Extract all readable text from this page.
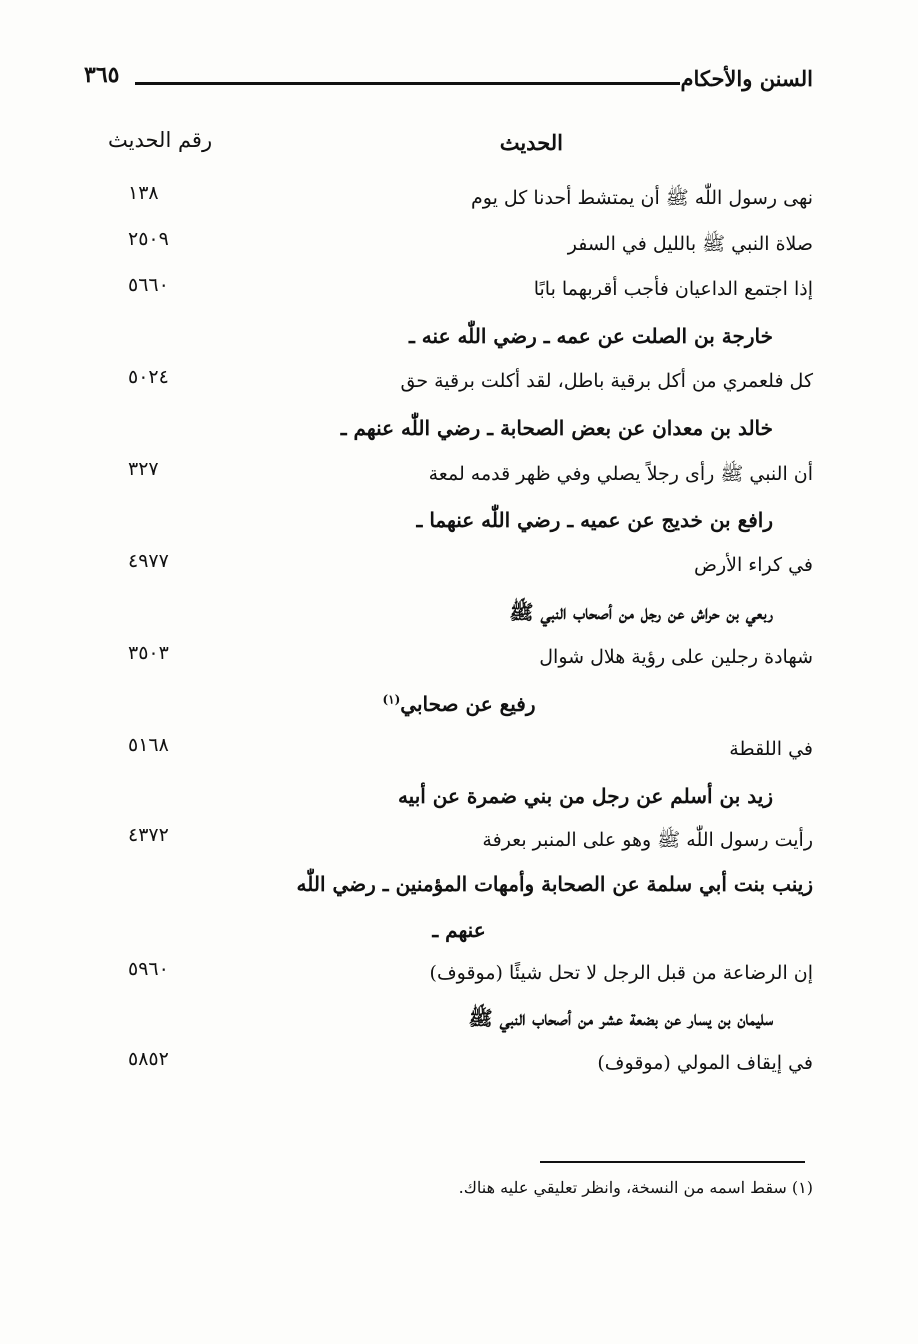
السنن والأحكام
٣٦٥
الحديث
رقم الحديث
نهى رسول اللّٰه ﷺ أن يمتشط أحدنا كل يوم
١٣٨
صلاة النبي ﷺ بالليل في السفر
٢٥٠٩
إذا اجتمع الداعيان فأجب أقربهما بابًا
٥٦٦٠
خارجة بن الصلت عن عمه ـ رضي اللّٰه عنه ـ
كل فلعمري من أكل برقية باطل، لقد أكلت برقية حق
٥٠٢٤
خالد بن معدان عن بعض الصحابة ـ رضي اللّٰه عنهم ـ
أن النبي ﷺ رأى رجلاً يصلي وفي ظهر قدمه لمعة
٣٢٧
رافع بن خديج عن عميه ـ رضي اللّٰه عنهما ـ
في كراء الأرض
٤٩٧٧
ربعي بن حراش عن رجل من أصحاب النبي ﷺ
شهادة رجلين على رؤية هلال شوال
٣٥٠٣
رفيع عن صحابي$^{(١)}$
في اللقطة
٥١٦٨
زيد بن أسلم عن رجل من بني ضمرة عن أبيه
رأيت رسول اللّٰه ﷺ وهو على المنبر بعرفة
٤٣٧٢
زينب بنت أبي سلمة عن الصحابة وأمهات المؤمنين ـ رضي اللّٰه
عنهم ـ
إن الرضاعة من قبل الرجل لا تحل شيئًا (موقوف)
٥٩٦٠
سليمان بن يسار عن بضعة عشر من أصحاب النبي ﷺ
في إيقاف المولي (موقوف)
٥٨٥٢
(١) سقط اسمه من النسخة، وانظر تعليقي عليه هناك.
